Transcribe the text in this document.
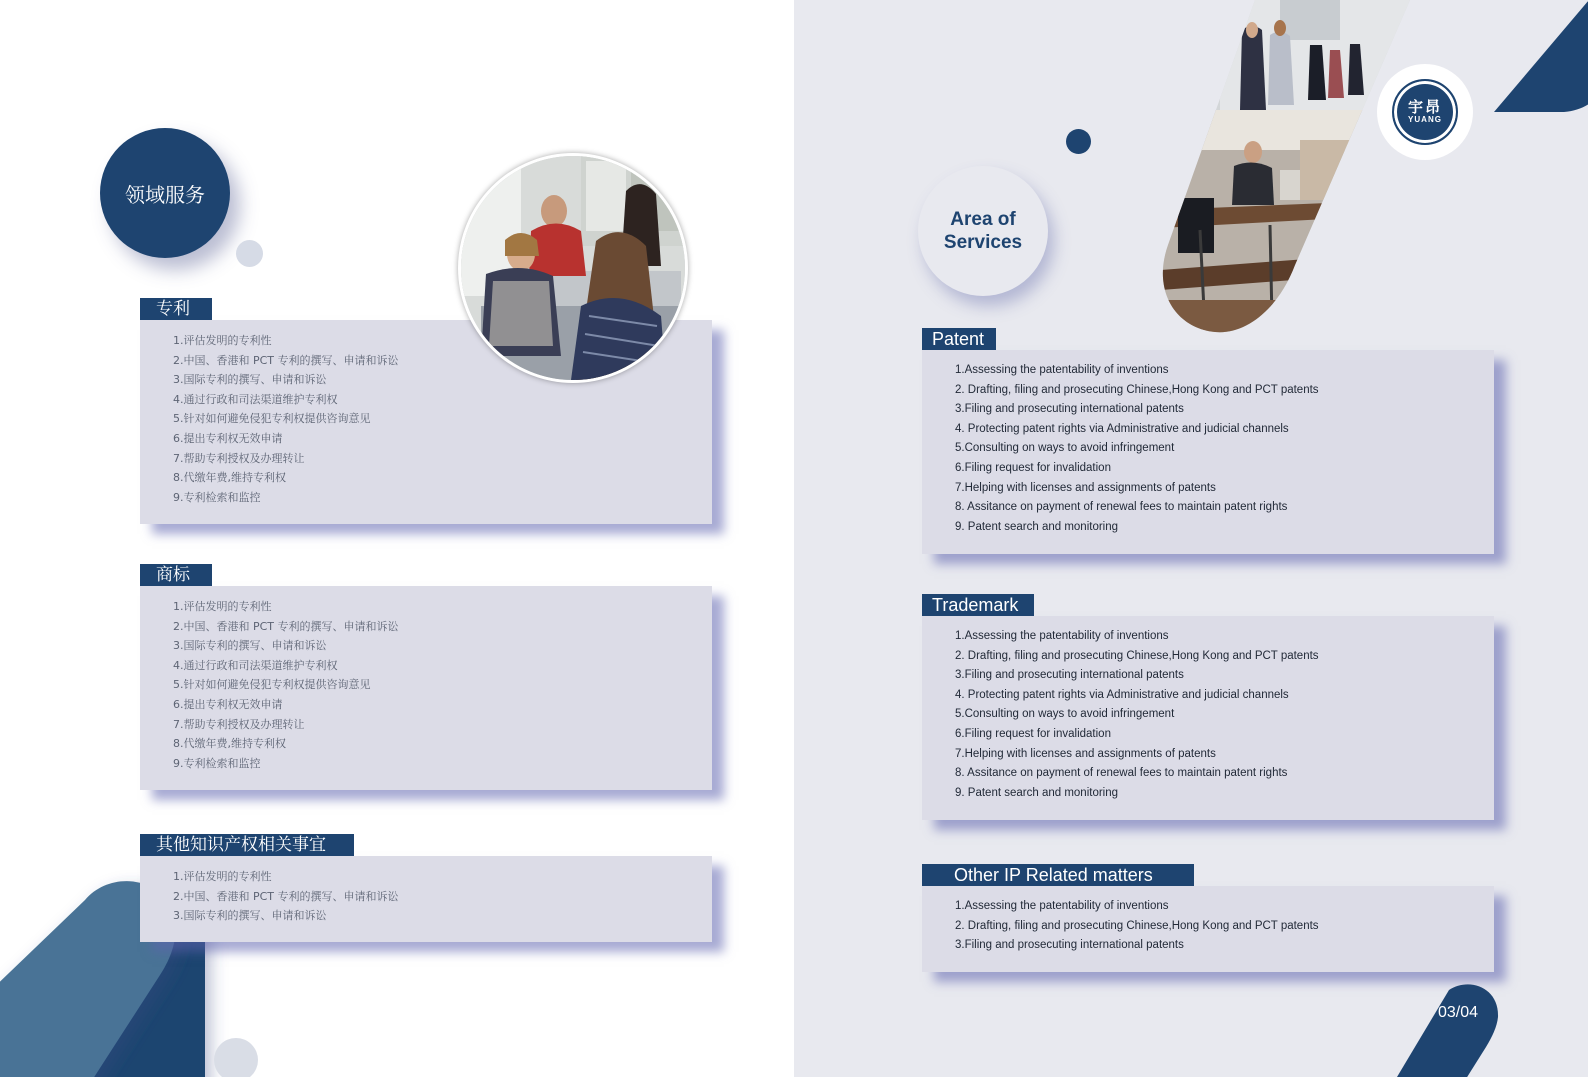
领域服务
1.评估发明的专利性
2.中国、香港和 PCT 专利的撰写、申请和诉讼
3.国际专利的撰写、申请和诉讼
4.通过行政和司法渠道维护专利权
5.针对如何避免侵犯专利权提供咨询意见
6.提出专利权无效申请
7.帮助专利授权及办理转让
8.代缴年费,维持专利权
9.专利检索和监控
专利
1.评估发明的专利性
2.中国、香港和 PCT 专利的撰写、申请和诉讼
3.国际专利的撰写、申请和诉讼
4.通过行政和司法渠道维护专利权
5.针对如何避免侵犯专利权提供咨询意见
6.提出专利权无效申请
7.帮助专利授权及办理转让
8.代缴年费,维持专利权
9.专利检索和监控
商标
1.评估发明的专利性
2.中国、香港和 PCT 专利的撰写、申请和诉讼
3.国际专利的撰写、申请和诉讼
其他知识产权相关事宜
宇昂
YUANG
Area of
Services
1.Assessing the patentability of inventions
2. Drafting, filing and prosecuting Chinese,Hong Kong and PCT patents
3.Filing and prosecuting international patents
4. Protecting patent rights via Administrative and judicial channels
5.Consulting on ways to avoid infringement
6.Filing request for invalidation
7.Helping with licenses and assignments of patents
8. Assitance on payment of renewal fees to maintain patent rights
9. Patent search and monitoring
Patent
1.Assessing the patentability of inventions
2. Drafting, filing and prosecuting Chinese,Hong Kong and PCT patents
3.Filing and prosecuting international patents
4. Protecting patent rights via Administrative and judicial channels
5.Consulting on ways to avoid infringement
6.Filing request for invalidation
7.Helping with licenses and assignments of patents
8. Assitance on payment of renewal fees to maintain patent rights
9. Patent search and monitoring
Trademark
1.Assessing the patentability of inventions
2. Drafting, filing and prosecuting Chinese,Hong Kong and PCT patents
3.Filing and prosecuting international patents
Other IP Related matters
03/04
